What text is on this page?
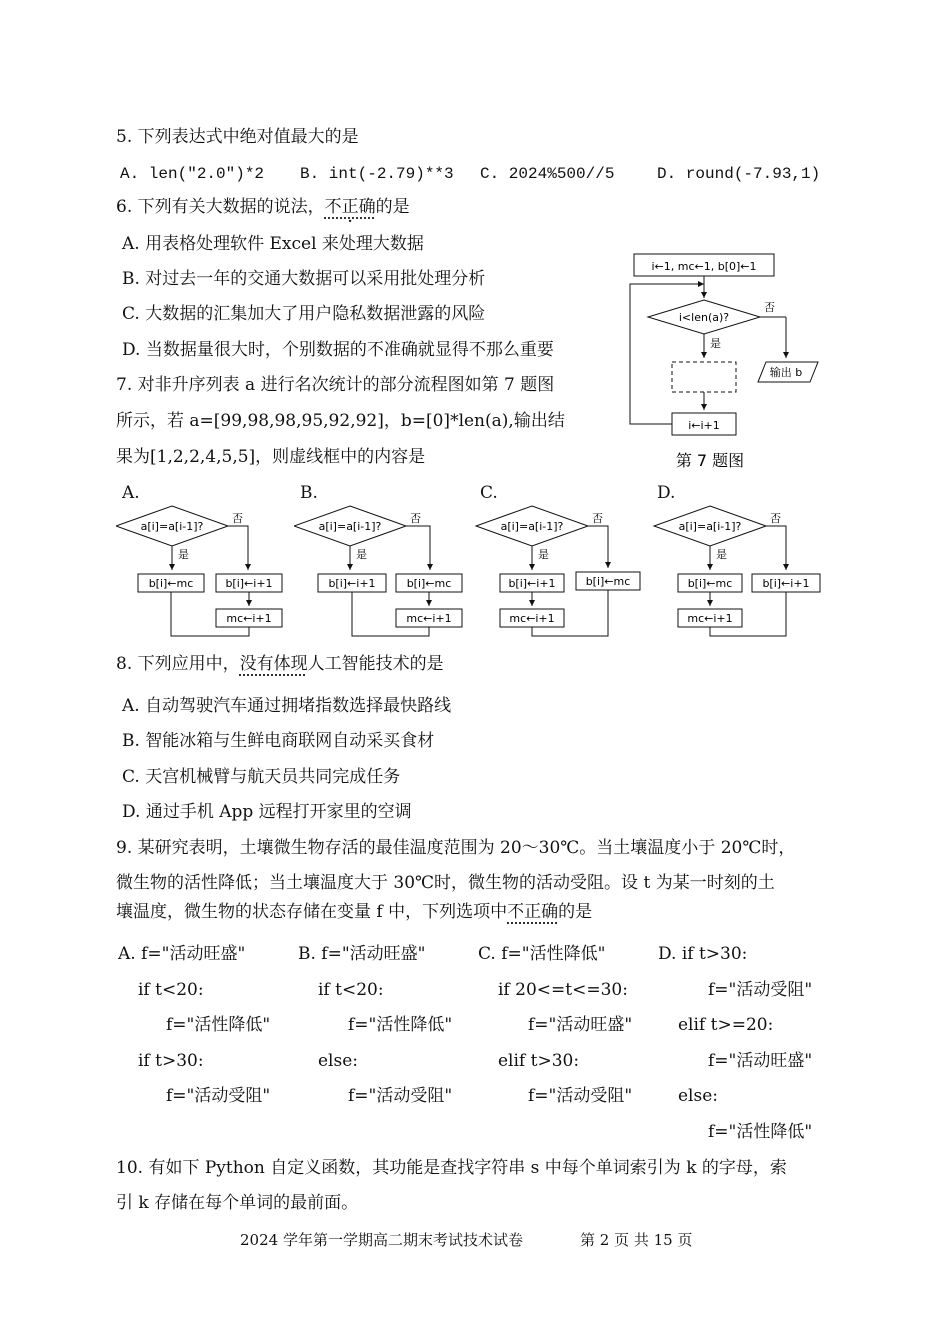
5. 下列表达式中绝对值最大的是
A. len("2.0")*2 B. int(-2.79)**3 C. 2024%500//5	D. round(-7.93,1)
6. 下列有关大数据的说法，不正确的是
A. 用表格处理软件 Excel 来处理大数据
B. 对过去一年的交通大数据可以采用批处理分析
C. 大数据的汇集加大了用户隐私数据泄露的风险
D. 当数据量很大时，个别数据的不准确就显得不那么重要
7. 对非升序列表 a 进行名次统计的部分流程图如第 7 题图
所示，若 a=[99,98,98,95,92,92]，b=[0]*len(a),输出结
果为[1,2,2,4,5,5]，则虚线框中的内容是
i←1, mc←1, b[0]←1
i<len(a)?
否
输出 b
是
i←i+1
第 7 题图
A.	B.	C.	D.
a[i]=a[i-1]?
否
是
b[i]←mc	b[i]←i+1
mc←i+1
a[i]=a[i-1]?
否
是
b[i]←i+1	b[i]←mc
mc←i+1
a[i]=a[i-1]?
否
是
b[i]←i+1	b[i]←mc
mc←i+1
a[i]=a[i-1]?
否
是
b[i]←mc	b[i]←i+1
mc←i+1
8. 下列应用中，没有体现人工智能技术的是
A. 自动驾驶汽车通过拥堵指数选择最快路线
B. 智能冰箱与生鲜电商联网自动采买食材
C. 天宫机械臂与航天员共同完成任务
D. 通过手机 App 远程打开家里的空调
9. 某研究表明，土壤微生物存活的最佳温度范围为 20～30℃。当土壤温度小于 20℃时，
微生物的活性降低；当土壤温度大于 30℃时，微生物的活动受阻。设 t 为某一时刻的土
壤温度，微生物的状态存储在变量 f 中，下列选项中不正确的是
A. f="活动旺盛"
if t<20:
f="活性降低"
if t>30:
f="活动受阻"
B. f="活动旺盛"
if t<20:
f="活性降低"
else:
f="活动受阻"
C. f="活性降低"
if 20<=t<=30:
f="活动旺盛"
elif t>30:
f="活动受阻"
D. if t>30:
f="活动受阻"
elif t>=20:
f="活动旺盛"
else:
f="活性降低"
10. 有如下 Python 自定义函数，其功能是查找字符串 s 中每个单词索引为 k 的字母，索
引 k 存储在每个单词的最前面。
2024 学年第一学期高二期末考试技术试卷	第 2 页 共 15 页
